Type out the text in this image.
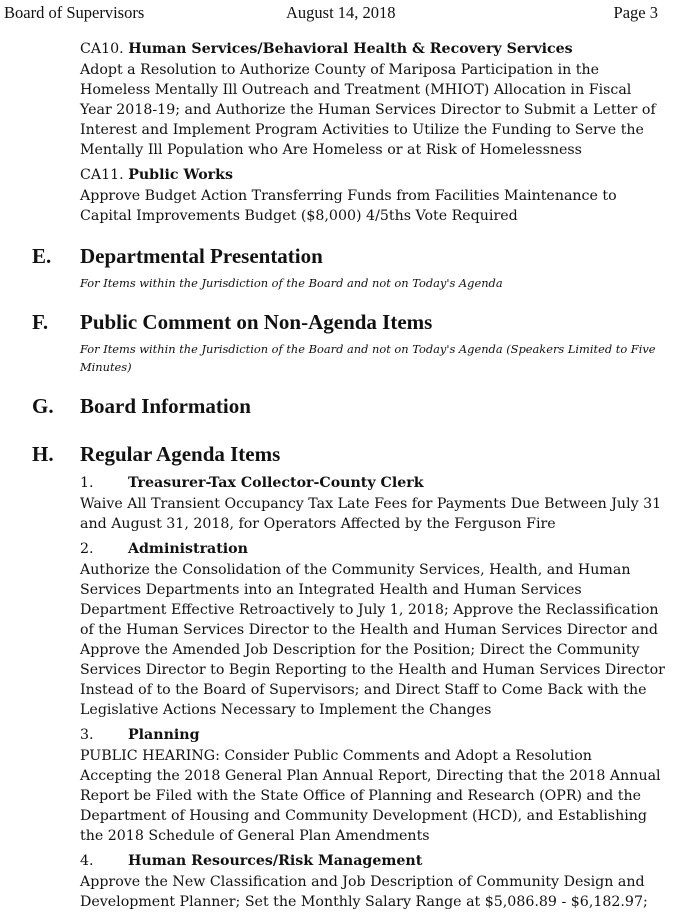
Board of Supervisors	August 14, 2018	Page 3
CA10. Human Services/Behavioral Health & Recovery Services
Adopt a Resolution to Authorize County of Mariposa Participation in the Homeless Mentally Ill Outreach and Treatment (MHIOT) Allocation in Fiscal Year 2018-19; and Authorize the Human Services Director to Submit a Letter of Interest and Implement Program Activities to Utilize the Funding to Serve the Mentally Ill Population who Are Homeless or at Risk of Homelessness
CA11. Public Works
Approve Budget Action Transferring Funds from Facilities Maintenance to Capital Improvements Budget ($8,000) 4/5ths Vote Required
E. Departmental Presentation
For Items within the Jurisdiction of the Board and not on Today's Agenda
F. Public Comment on Non-Agenda Items
For Items within the Jurisdiction of the Board and not on Today's Agenda (Speakers Limited to Five Minutes)
G. Board Information
H. Regular Agenda Items
1. Treasurer-Tax Collector-County Clerk
Waive All Transient Occupancy Tax Late Fees for Payments Due Between July 31 and August 31, 2018, for Operators Affected by the Ferguson Fire
2. Administration
Authorize the Consolidation of the Community Services, Health, and Human Services Departments into an Integrated Health and Human Services Department Effective Retroactively to July 1, 2018; Approve the Reclassification of the Human Services Director to the Health and Human Services Director and Approve the Amended Job Description for the Position; Direct the Community Services Director to Begin Reporting to the Health and Human Services Director Instead of to the Board of Supervisors; and Direct Staff to Come Back with the Legislative Actions Necessary to Implement the Changes
3. Planning
PUBLIC HEARING: Consider Public Comments and Adopt a Resolution Accepting the 2018 General Plan Annual Report, Directing that the 2018 Annual Report be Filed with the State Office of Planning and Research (OPR) and the Department of Housing and Community Development (HCD), and Establishing the 2018 Schedule of General Plan Amendments
4. Human Resources/Risk Management
Approve the New Classification and Job Description of Community Design and Development Planner; Set the Monthly Salary Range at $5,086.89 - $6,182.97;
